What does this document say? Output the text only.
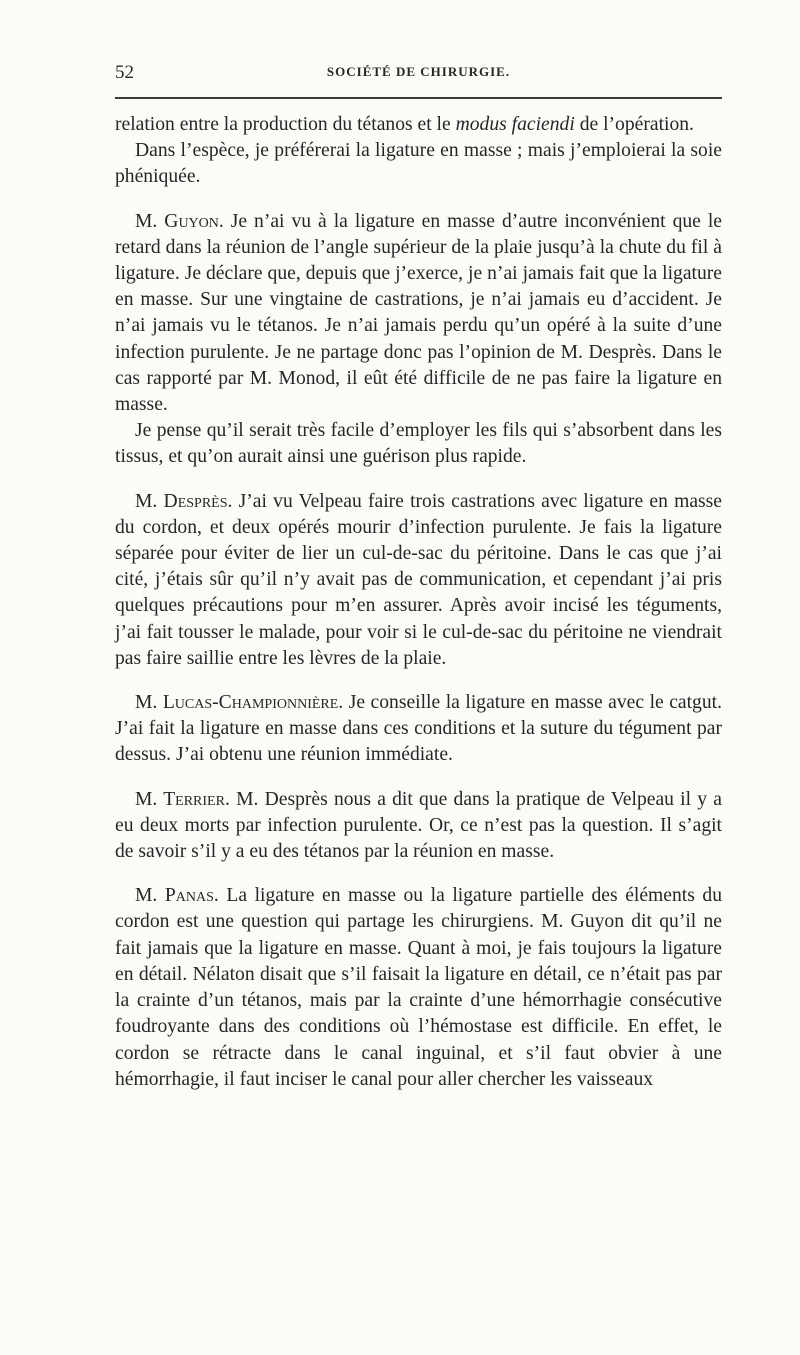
52	SOCIÉTÉ DE CHIRURGIE.

relation entre la production du tétanos et le modus faciendi de l’opération.

Dans l’espèce, je préférerai la ligature en masse ; mais j’emploierai la soie phéniquée.

M. Guyon. Je n’ai vu à la ligature en masse d’autre inconvénient que le retard dans la réunion de l’angle supérieur de la plaie jusqu’à la chute du fil à ligature. Je déclare que, depuis que j’exerce, je n’ai jamais fait que la ligature en masse. Sur une vingtaine de castrations, je n’ai jamais eu d’accident. Je n’ai jamais vu le tétanos. Je n’ai jamais perdu qu’un opéré à la suite d’une infection purulente. Je ne partage donc pas l’opinion de M. Desprès. Dans le cas rapporté par M. Monod, il eût été difficile de ne pas faire la ligature en masse.

Je pense qu’il serait très facile d’employer les fils qui s’absorbent dans les tissus, et qu’on aurait ainsi une guérison plus rapide.

M. Desprès. J’ai vu Velpeau faire trois castrations avec ligature en masse du cordon, et deux opérés mourir d’infection purulente. Je fais la ligature séparée pour éviter de lier un cul-de-sac du péritoine. Dans le cas que j’ai cité, j’étais sûr qu’il n’y avait pas de communication, et cependant j’ai pris quelques précautions pour m’en assurer. Après avoir incisé les téguments, j’ai fait tousser le malade, pour voir si le cul-de-sac du péritoine ne viendrait pas faire saillie entre les lèvres de la plaie.

M. Lucas-Championnière. Je conseille la ligature en masse avec le catgut. J’ai fait la ligature en masse dans ces conditions et la suture du tégument par dessus. J’ai obtenu une réunion immédiate.

M. Terrier. M. Desprès nous a dit que dans la pratique de Velpeau il y a eu deux morts par infection purulente. Or, ce n’est pas la question. Il s’agit de savoir s’il y a eu des tétanos par la réunion en masse.

M. Panas. La ligature en masse ou la ligature partielle des éléments du cordon est une question qui partage les chirurgiens. M. Guyon dit qu’il ne fait jamais que la ligature en masse. Quant à moi, je fais toujours la ligature en détail. Nélaton disait que s’il faisait la ligature en détail, ce n’était pas par la crainte d’un tétanos, mais par la crainte d’une hémorrhagie consécutive foudroyante dans des conditions où l’hémostase est difficile. En effet, le cordon se rétracte dans le canal inguinal, et s’il faut obvier à une hémorrhagie, il faut inciser le canal pour aller chercher les vaisseaux
